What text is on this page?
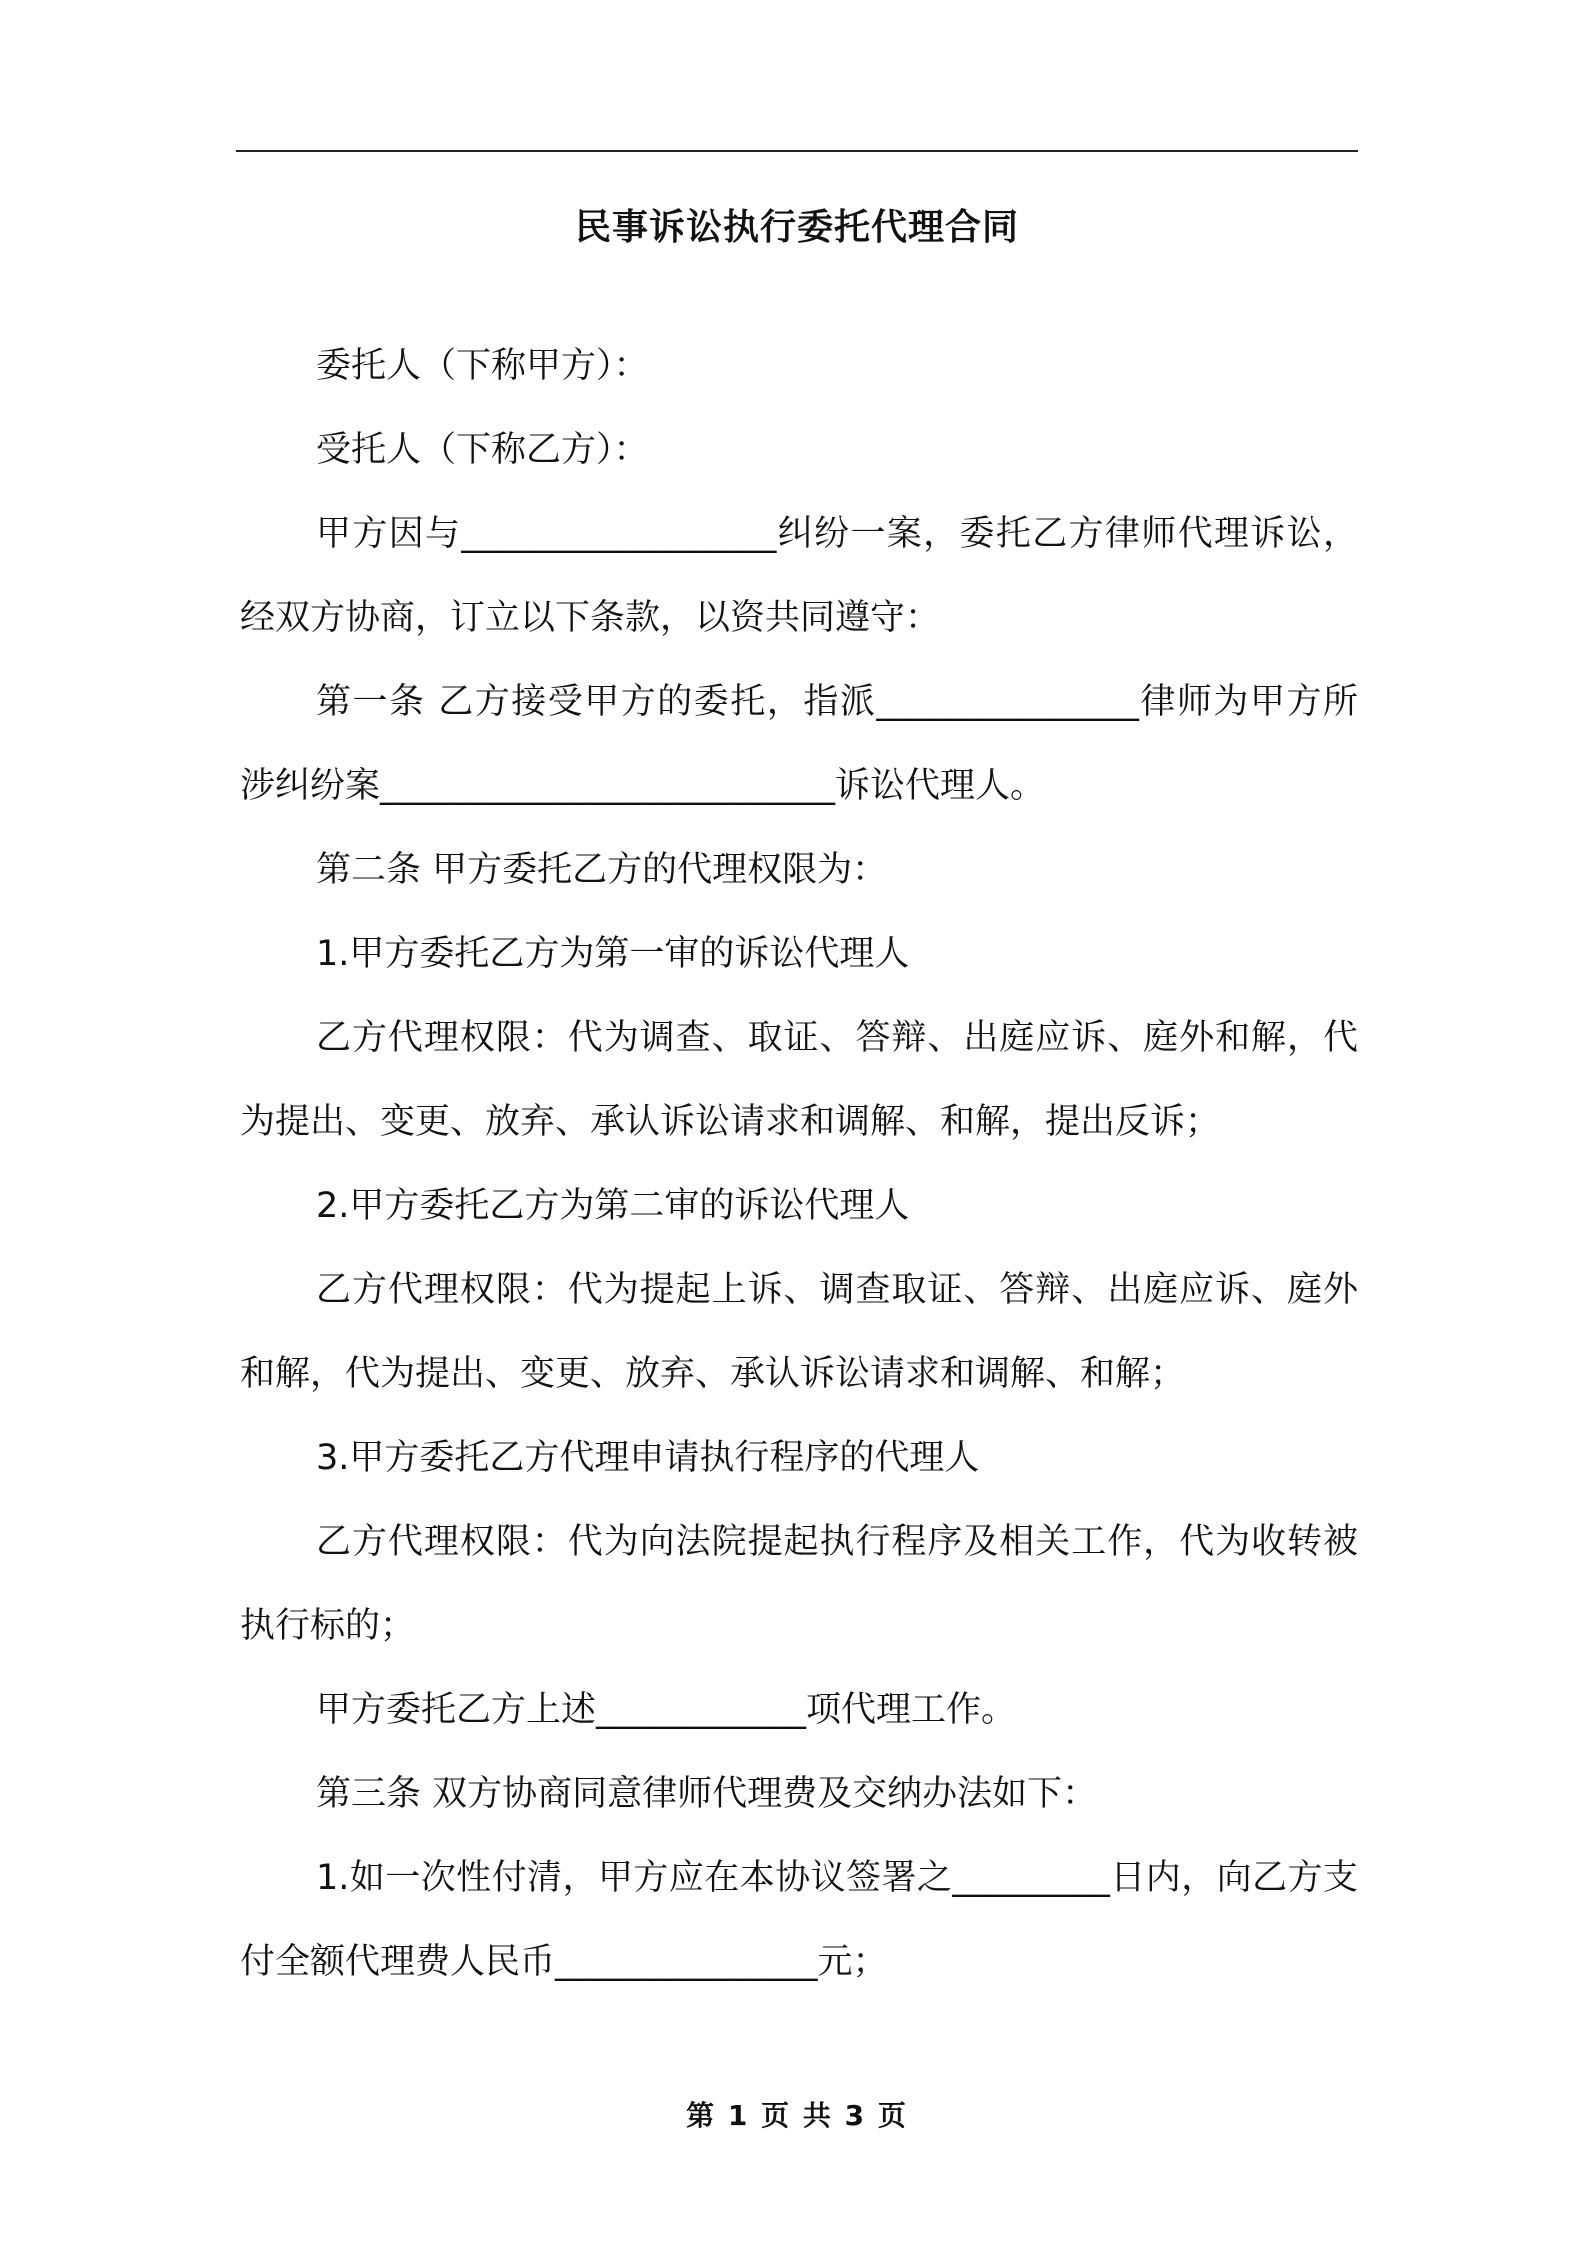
民事诉讼执行委托代理合同

委托人（下称甲方）：

受托人（下称乙方）：

甲方因与__________________纠纷一案，委托乙方律师代理诉讼，经双方协商，订立以下条款，以资共同遵守：

第一条 乙方接受甲方的委托，指派_______________律师为甲方所涉纠纷案__________________________诉讼代理人。

第二条 甲方委托乙方的代理权限为：

1.甲方委托乙方为第一审的诉讼代理人

乙方代理权限：代为调查、取证、答辩、出庭应诉、庭外和解，代为提出、变更、放弃、承认诉讼请求和调解、和解，提出反诉；

2.甲方委托乙方为第二审的诉讼代理人

乙方代理权限：代为提起上诉、调查取证、答辩、出庭应诉、庭外和解，代为提出、变更、放弃、承认诉讼请求和调解、和解；

3.甲方委托乙方代理申请执行程序的代理人

乙方代理权限：代为向法院提起执行程序及相关工作，代为收转被执行标的；

甲方委托乙方上述____________项代理工作。

第三条 双方协商同意律师代理费及交纳办法如下：

1.如一次性付清，甲方应在本协议签署之_________日内，向乙方支付全额代理费人民币_______________元；

第 1 页 共 3 页
